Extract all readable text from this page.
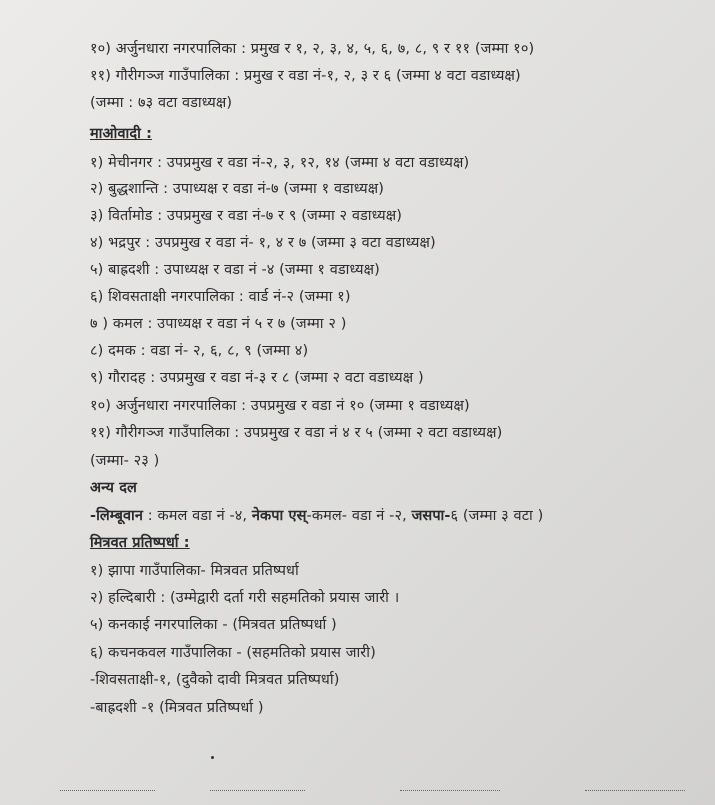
१०) अर्जुनधारा नगरपालिका : प्रमुख र १, २, ३, ४, ५, ६, ७, ८, ९ र ११ (जम्मा १०)
११) गौरीगञ्ज गाउँपालिका : प्रमुख र वडा नं-१, २, ३ र ६ (जम्मा ४ वटा वडाध्यक्ष)
(जम्मा : ७३ वटा वडाध्यक्ष)
माओवादी :
१) मेचीनगर : उपप्रमुख र वडा नं-२, ३, १२, १४ (जम्मा ४ वटा वडाध्यक्ष)
२) बुद्धशान्ति : उपाध्यक्ष र वडा नं-७ (जम्मा १ वडाध्यक्ष)
३) विर्तामोड : उपप्रमुख र वडा नं-७ र ९ (जम्मा २ वडाध्यक्ष)
४) भद्रपुर : उपप्रमुख र वडा नं- १, ४ र ७ (जम्मा ३ वटा वडाध्यक्ष)
५) बाह्रदशी : उपाध्यक्ष र वडा नं -४ (जम्मा १ वडाध्यक्ष)
६) शिवसताक्षी नगरपालिका : वार्ड नं-२ (जम्मा १)
७ ) कमल : उपाध्यक्ष र वडा नं ५ र ७ (जम्मा २ )
८) दमक : वडा नं- २, ६, ८, ९ (जम्मा ४)
९) गौरादह : उपप्रमुख र वडा नं-३ र ८ (जम्मा २ वटा वडाध्यक्ष )
१०) अर्जुनधारा नगरपालिका : उपप्रमुख र वडा नं १० (जम्मा १ वडाध्यक्ष)
११) गौरीगञ्ज गाउँपालिका : उपप्रमुख र वडा नं ४ र ५ (जम्मा २ वटा वडाध्यक्ष)
(जम्मा- २३ )
अन्य दल
-लिम्बूवान : कमल वडा नं -४, नेकपा एस्-कमल- वडा नं -२, जसपा-६ (जम्मा ३ वटा )
मित्रवत प्रतिष्पर्धा :
१) झापा गाउँपालिका- मित्रवत प्रतिष्पर्धा
२) हल्दिबारी : (उम्मेद्वारी दर्ता गरी सहमतिको प्रयास जारी ।
५) कनकाई नगरपालिका - (मित्रवत प्रतिष्पर्धा )
६) कचनकवल गाउँपालिका - (सहमतिको प्रयास जारी)
-शिवसताक्षी-१, (दुवैको दावी मित्रवत प्रतिष्पर्धा)
-बाह्रदशी -१ (मित्रवत प्रतिष्पर्धा )
